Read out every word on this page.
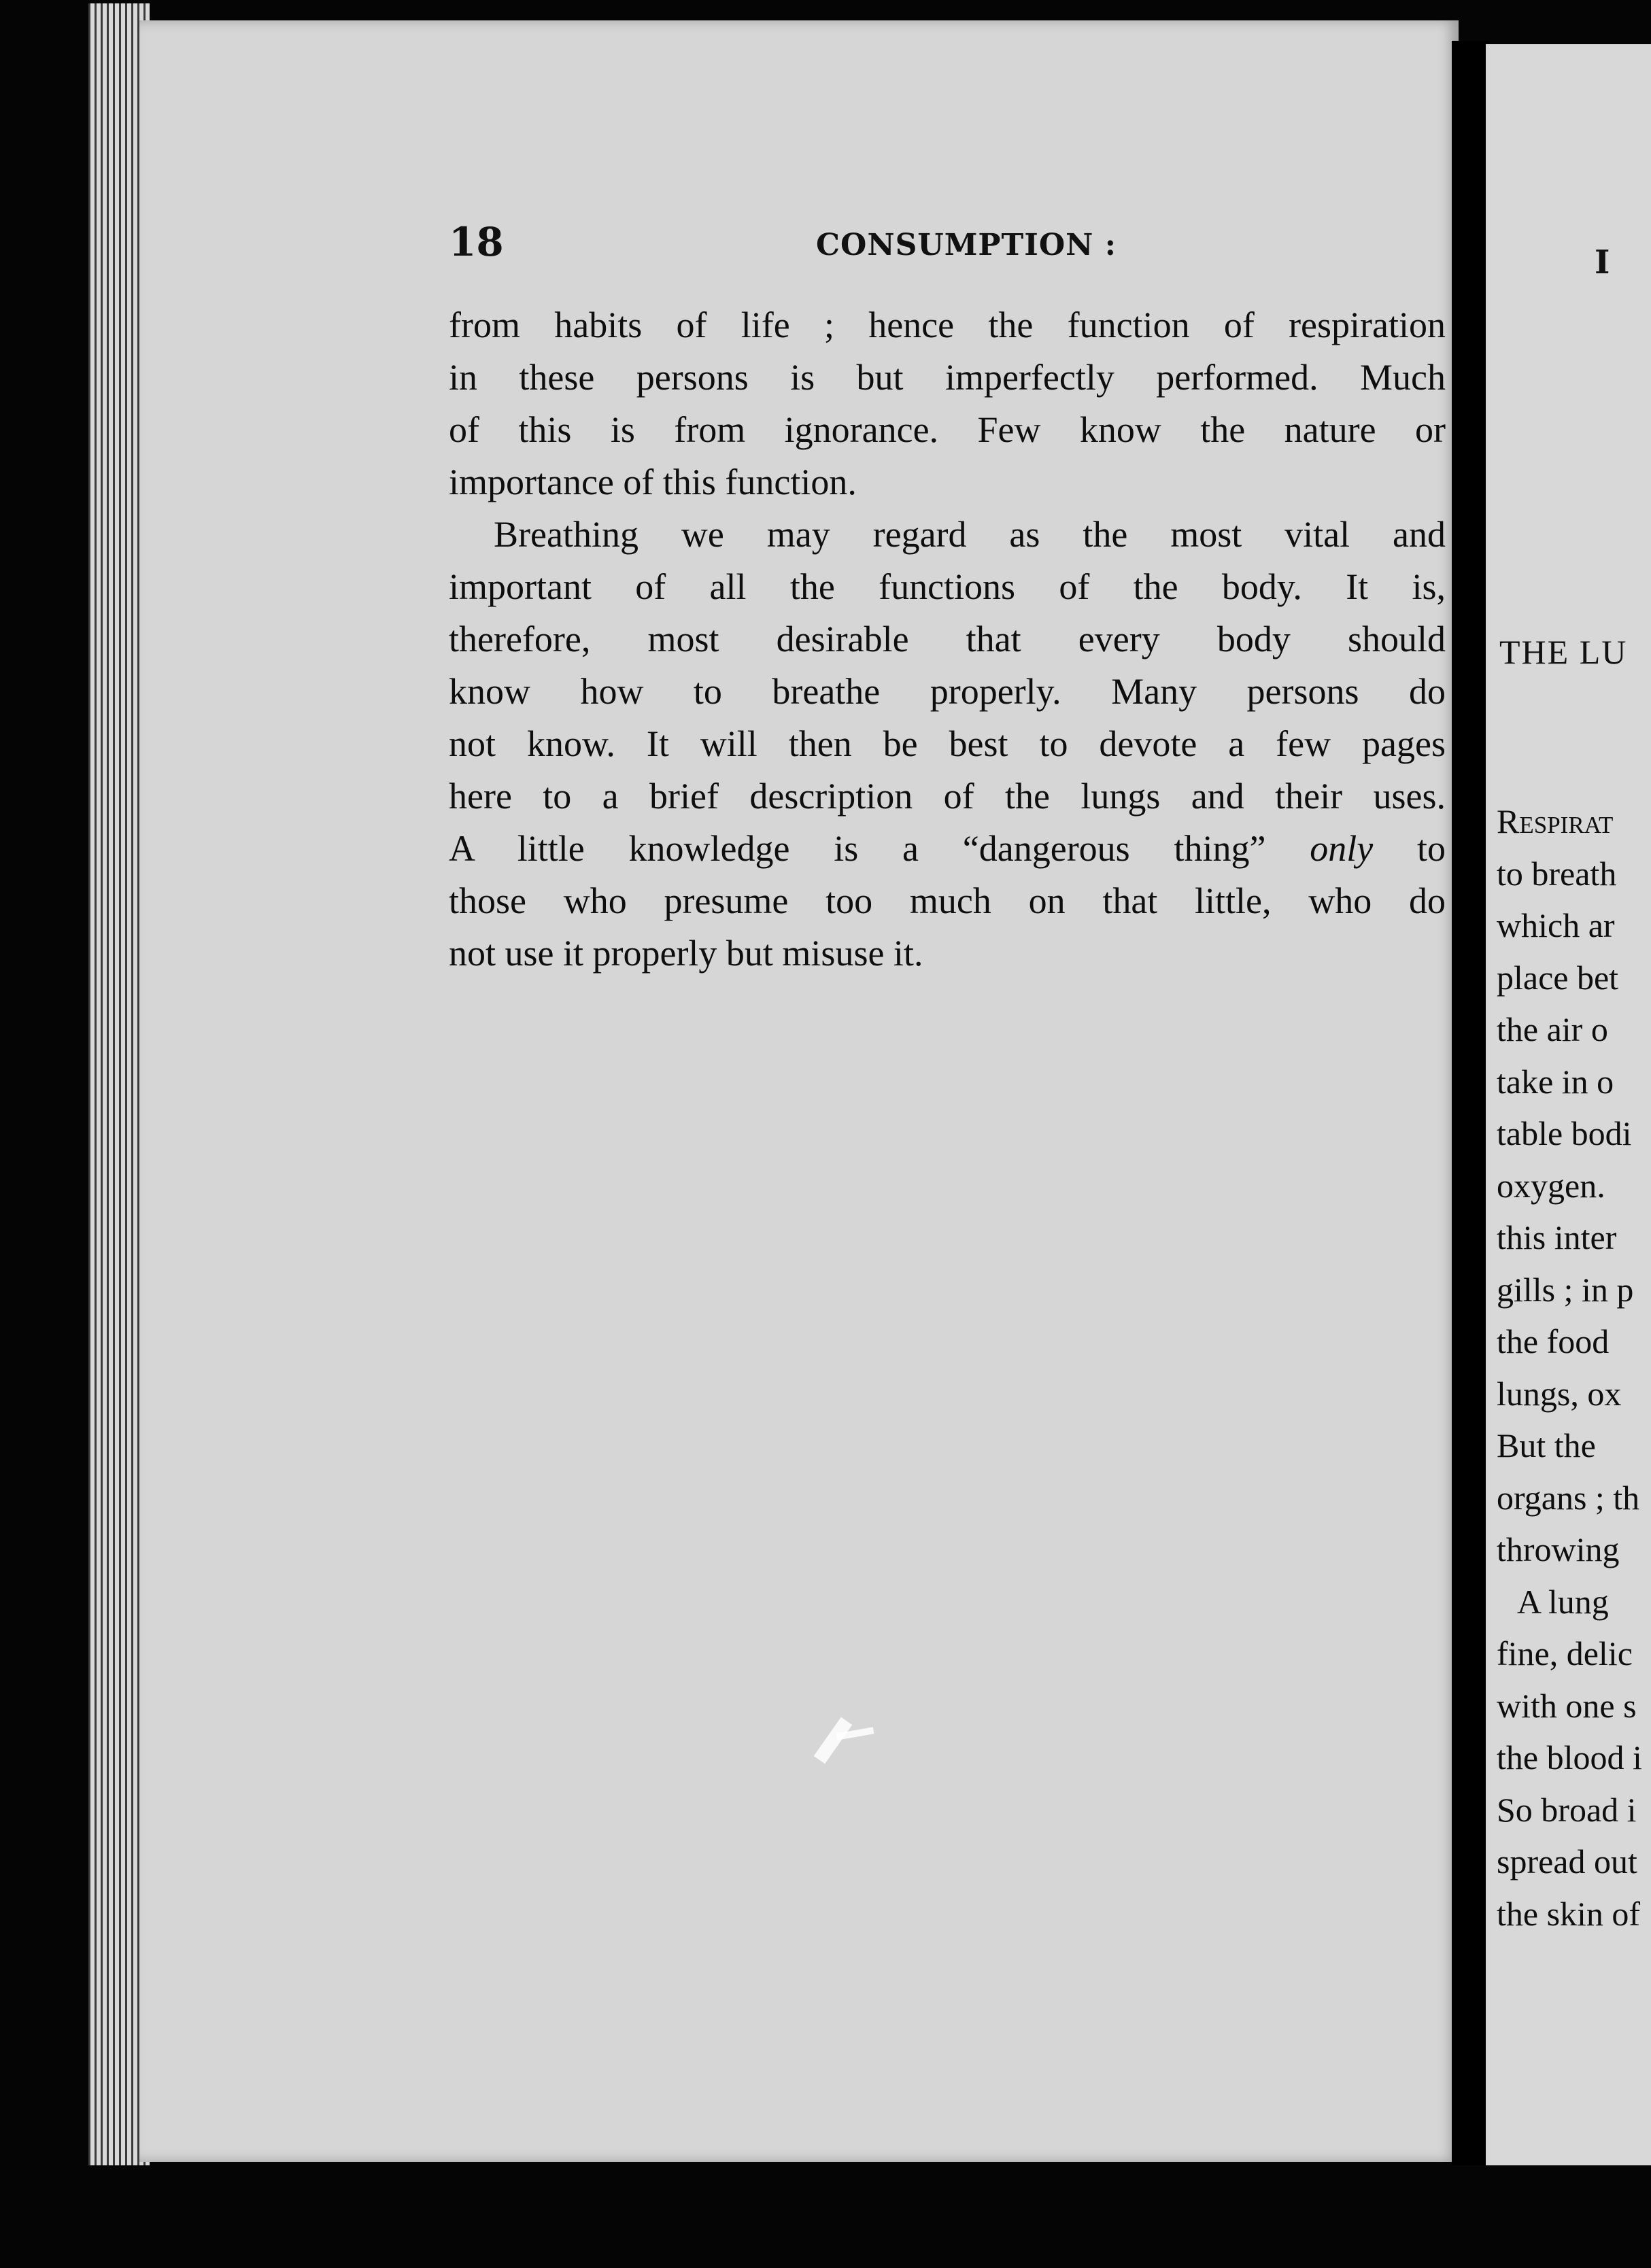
18	CONSUMPTION :
from habits of life ; hence the function of respiration
in these persons is but imperfectly performed. Much
of this is from ignorance. Few know the nature or
importance of this function.
Breathing we may regard as the most vital and
important of all the functions of the body. It is,
therefore, most desirable that every body should
know how to breathe properly. Many persons do
not know. It will then be best to devote a few pages
here to a brief description of the lungs and their uses.
A little knowledge is a “dangerous thing” only to
those who presume too much on that little, who do
not use it properly but misuse it.
I
THE LU
Respirat
to breath
which ar
place bet
the air o
take in o
table bodi
oxygen.
this inter
gills ; in p
the food
lungs, ox
But the
organs ; th
throwing
A lung
fine, delic
with one s
the blood i
So broad i
spread out
the skin of
